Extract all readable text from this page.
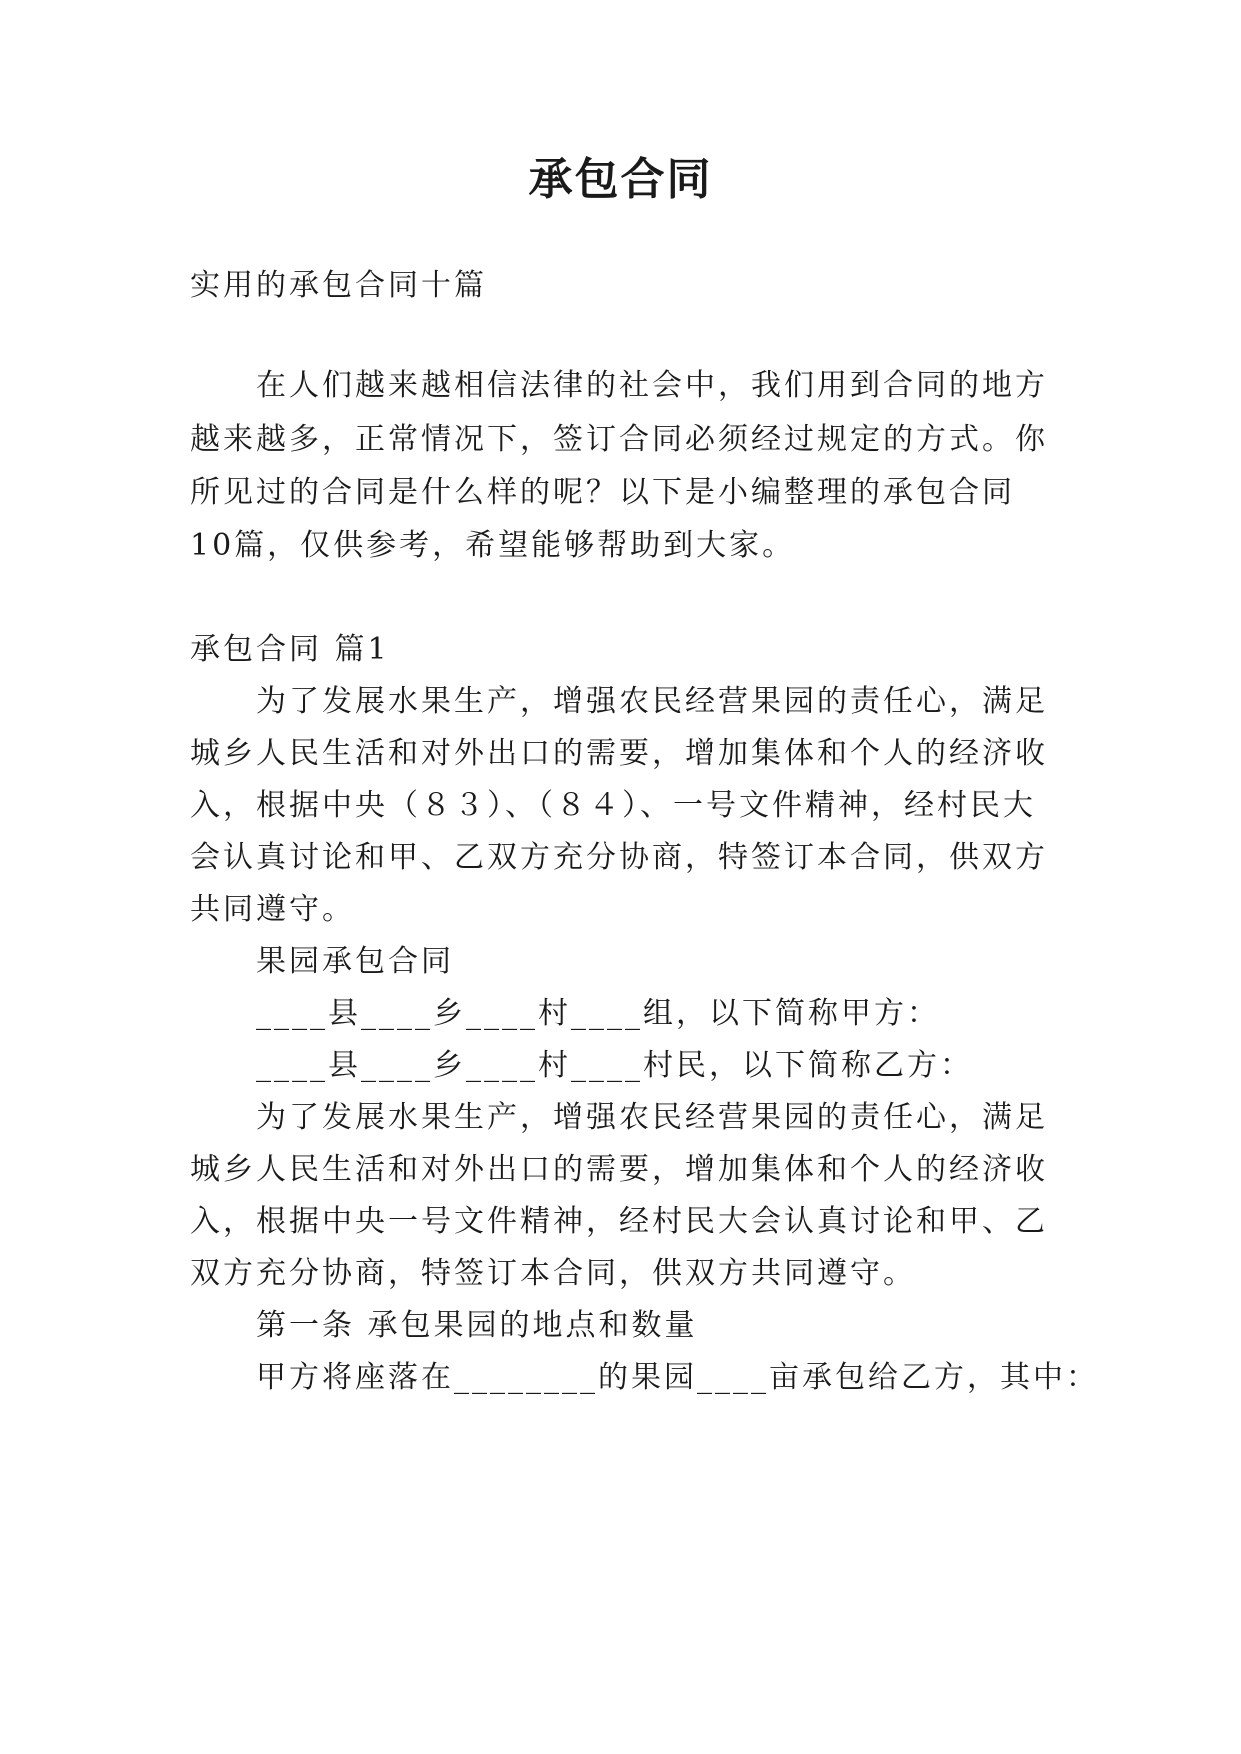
承包合同
实用的承包合同十篇
在人们越来越相信法律的社会中，我们用到合同的地方
越来越多，正常情况下，签订合同必须经过规定的方式。你
所见过的合同是什么样的呢？以下是小编整理的承包合同
10篇，仅供参考，希望能够帮助到大家。
承包合同 篇1
为了发展水果生产，增强农民经营果园的责任心，满足
城乡人民生活和对外出口的需要，增加集体和个人的经济收
入，根据中央（８３）、（８４）、一号文件精神，经村民大
会认真讨论和甲、乙双方充分协商，特签订本合同，供双方
共同遵守。
果园承包合同
____县____乡____村____组，以下简称甲方：
____县____乡____村____村民，以下简称乙方：
为了发展水果生产，增强农民经营果园的责任心，满足
城乡人民生活和对外出口的需要，增加集体和个人的经济收
入，根据中央一号文件精神，经村民大会认真讨论和甲、乙
双方充分协商，特签订本合同，供双方共同遵守。
第一条 承包果园的地点和数量
甲方将座落在________的果园____亩承包给乙方，其中：
